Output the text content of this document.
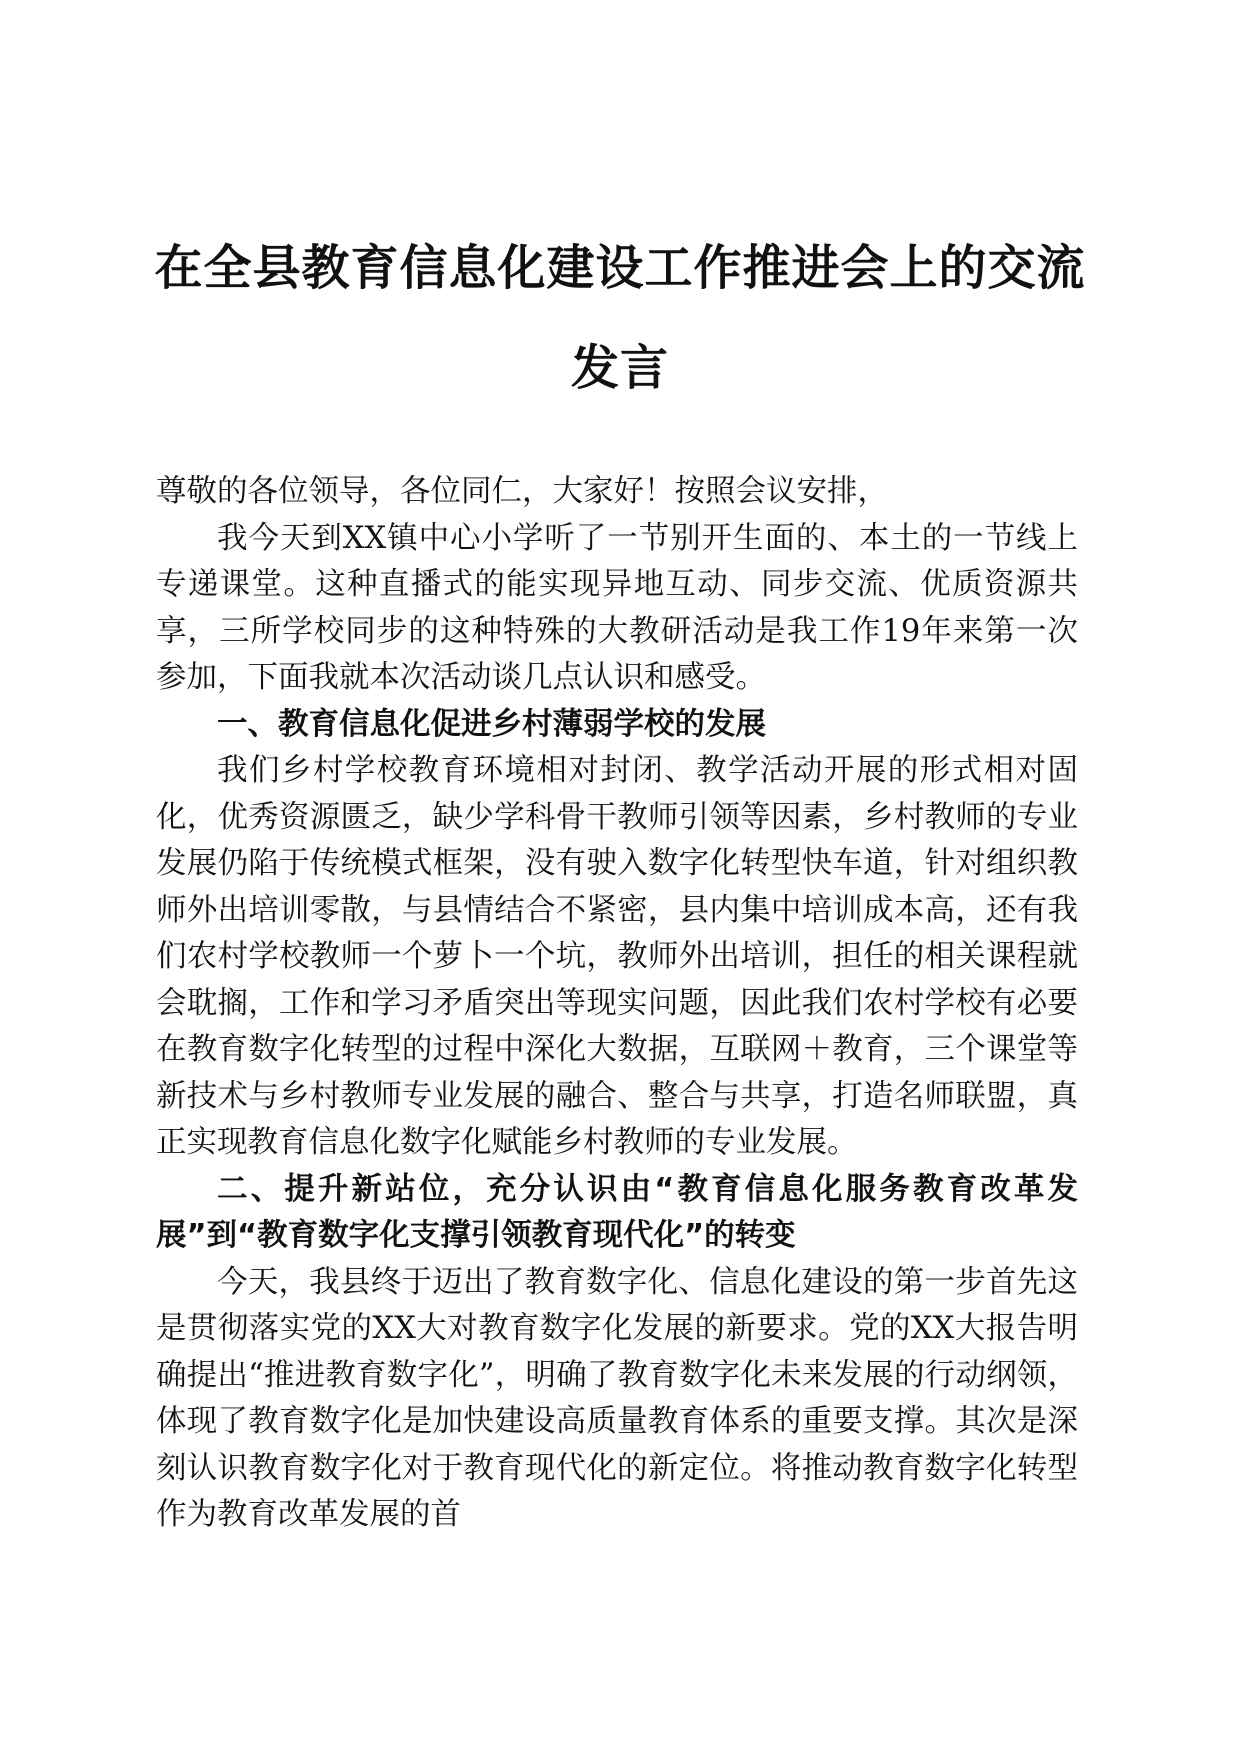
在全县教育信息化建设工作推进会上的交流发言

尊敬的各位领导，各位同仁，大家好！按照会议安排，

我今天到XX镇中心小学听了一节别开生面的、本土的一节线上专递课堂。这种直播式的能实现异地互动、同步交流、优质资源共享，三所学校同步的这种特殊的大教研活动是我工作19年来第一次参加，下面我就本次活动谈几点认识和感受。

一、教育信息化促进乡村薄弱学校的发展

我们乡村学校教育环境相对封闭、教学活动开展的形式相对固化，优秀资源匮乏，缺少学科骨干教师引领等因素，乡村教师的专业发展仍陷于传统模式框架，没有驶入数字化转型快车道，针对组织教师外出培训零散，与县情结合不紧密，县内集中培训成本高，还有我们农村学校教师一个萝卜一个坑，教师外出培训，担任的相关课程就会耽搁，工作和学习矛盾突出等现实问题，因此我们农村学校有必要在教育数字化转型的过程中深化大数据，互联网＋教育，三个课堂等新技术与乡村教师专业发展的融合、整合与共享，打造名师联盟，真正实现教育信息化数字化赋能乡村教师的专业发展。

二、提升新站位，充分认识由“教育信息化服务教育改革发展”到“教育数字化支撑引领教育现代化”的转变

今天，我县终于迈出了教育数字化、信息化建设的第一步首先这是贯彻落实党的XX大对教育数字化发展的新要求。党的XX大报告明确提出“推进教育数字化”，明确了教育数字化未来发展的行动纲领，体现了教育数字化是加快建设高质量教育体系的重要支撑。其次是深刻认识教育数字化对于教育现代化的新定位。将推动教育数字化转型作为教育改革发展的首
